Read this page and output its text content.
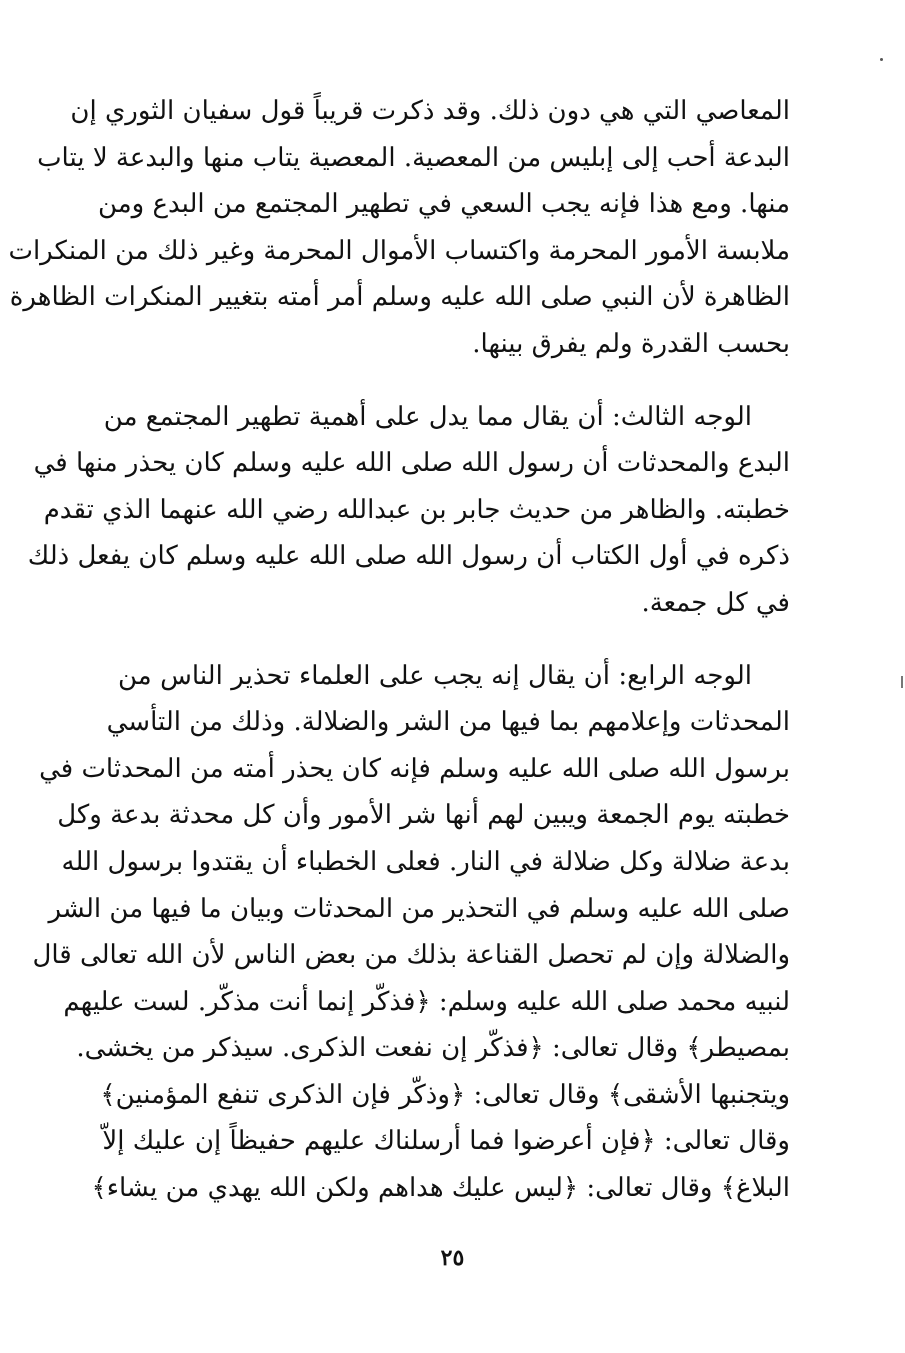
المعاصي التي هي دون ذلك. وقد ذكرت قريباً قول سفيان الثوري إن
البدعة أحب إلى إبليس من المعصية. المعصية يتاب منها والبدعة لا يتاب
منها. ومع هذا فإنه يجب السعي في تطهير المجتمع من البدع ومن
ملابسة الأمور المحرمة واكتساب الأموال المحرمة وغير ذلك من المنكرات
الظاهرة لأن النبي صلى الله عليه وسلم أمر أمته بتغيير المنكرات الظاهرة
بحسب القدرة ولم يفرق بينها.
الوجه الثالث: أن يقال مما يدل على أهمية تطهير المجتمع من
البدع والمحدثات أن رسول الله صلى الله عليه وسلم كان يحذر منها في
خطبته. والظاهر من حديث جابر بن عبدالله رضي الله عنهما الذي تقدم
ذكره في أول الكتاب أن رسول الله صلى الله عليه وسلم كان يفعل ذلك
في كل جمعة.
الوجه الرابع: أن يقال إنه يجب على العلماء تحذير الناس من
المحدثات وإعلامهم بما فيها من الشر والضلالة. وذلك من التأسي
برسول الله صلى الله عليه وسلم فإنه كان يحذر أمته من المحدثات في
خطبته يوم الجمعة ويبين لهم أنها شر الأمور وأن كل محدثة بدعة وكل
بدعة ضلالة وكل ضلالة في النار. فعلى الخطباء أن يقتدوا برسول الله
صلى الله عليه وسلم في التحذير من المحدثات وبيان ما فيها من الشر
والضلالة وإن لم تحصل القناعة بذلك من بعض الناس لأن الله تعالى قال
لنبيه محمد صلى الله عليه وسلم: ﴿فذكّر إنما أنت مذكّر. لست عليهم
بمصيطر﴾ وقال تعالى: ﴿فذكّر إن نفعت الذكرى. سيذكر من يخشى.
ويتجنبها الأشقى﴾ وقال تعالى: ﴿وذكّر فإن الذكرى تنفع المؤمنين﴾
وقال تعالى: ﴿فإن أعرضوا فما أرسلناك عليهم حفيظاً إن عليك إلاّ
البلاغ﴾ وقال تعالى: ﴿ليس عليك هداهم ولكن الله يهدي من يشاء﴾
٢٥
